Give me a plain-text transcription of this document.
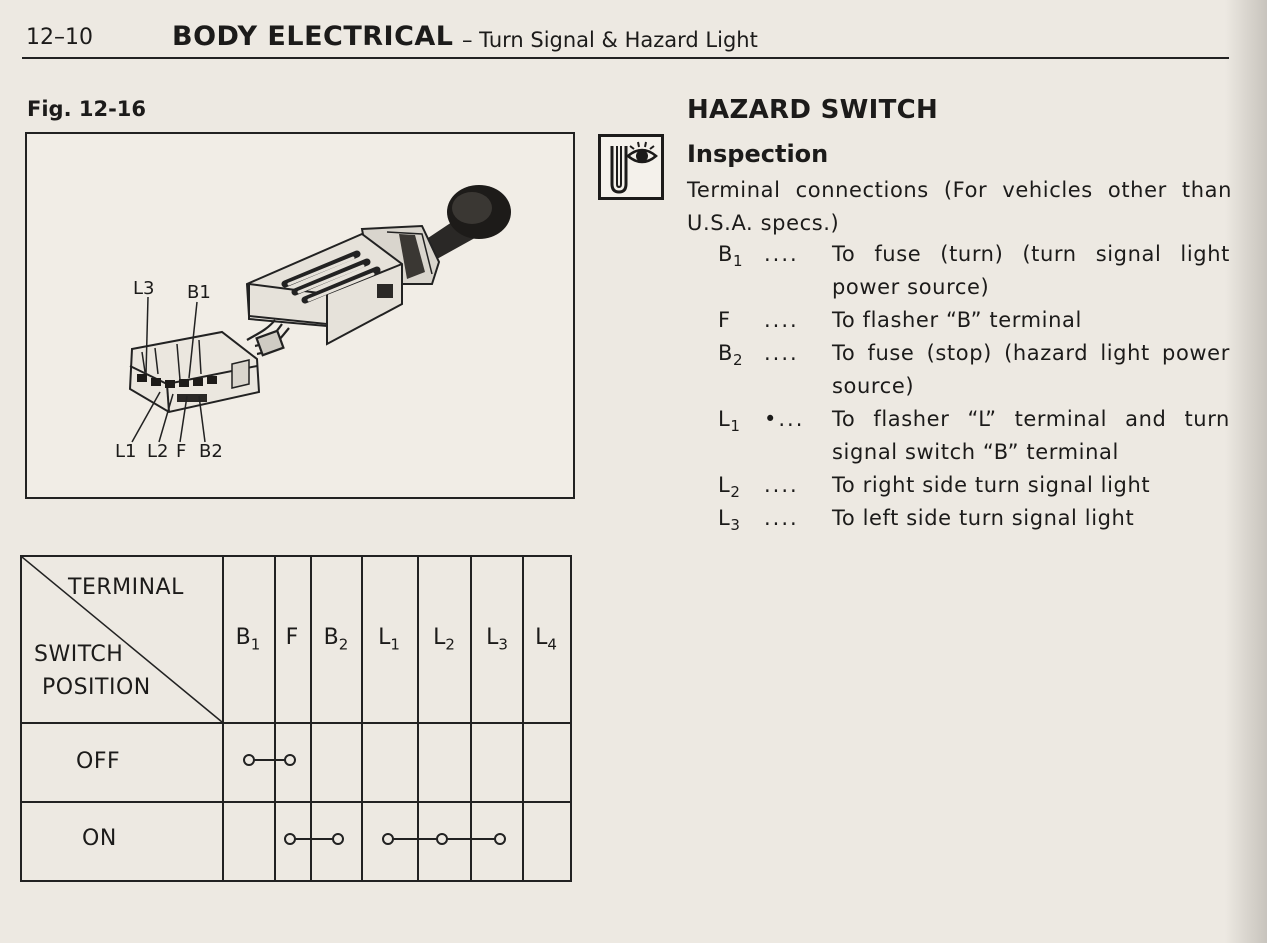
12–10	BODY ELECTRICAL – Turn Signal & Hazard Light
Fig. 12-16
L3 B1
L1 L2 F B2
HAZARD SWITCH
Inspection
Terminal connections (For vehicles other than
U.S.A. specs.)
$B_1$ .... To fuse (turn) (turn signal light
power source)
F .... To flasher “B” terminal
$B_2$ .... To fuse (stop) (hazard light power
source)
$L_1$ •... To flasher “L” terminal and turn
signal switch “B” terminal
$L_2$ .... To right side turn signal light
$L_3$ .... To left side turn signal light
TERMINAL
SWITCH
POSITION
$B_1$	F	$B_2$	$L_1$	$L_2$	$L_3$	$L_4$
OFF
ON
